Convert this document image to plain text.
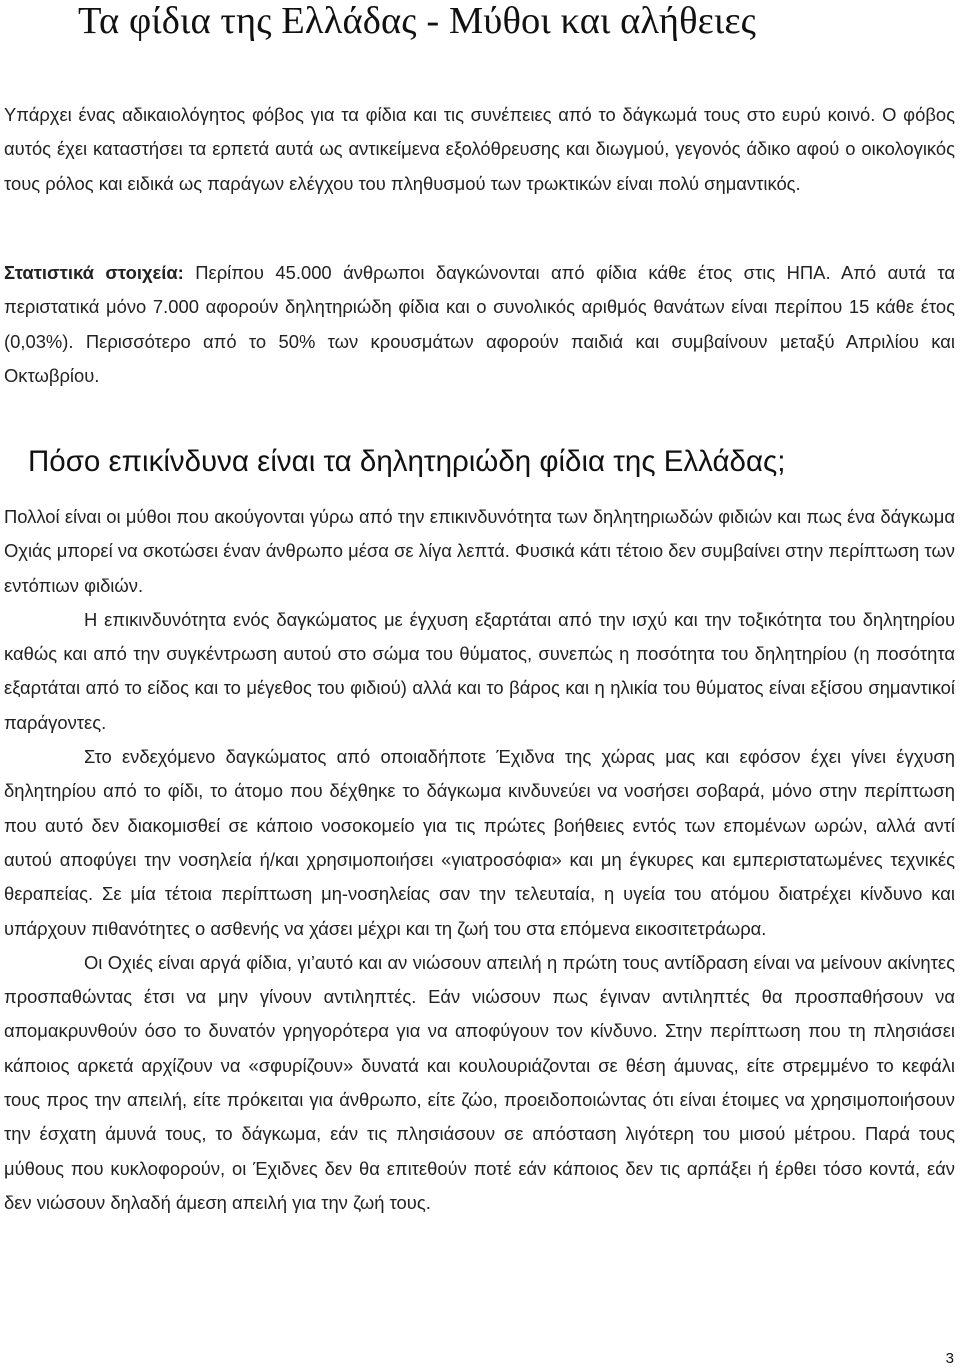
Τα φίδια της Ελλάδας - Μύθοι και αλήθειες

Υπάρχει ένας αδικαιολόγητος φόβος για τα φίδια και τις συνέπειες από το δάγκωμά τους στο ευρύ κοινό. Ο φόβος αυτός έχει καταστήσει τα ερπετά αυτά ως αντικείμενα εξολόθρευσης και διωγμού, γεγονός άδικο αφού ο οικολογικός τους ρόλος και ειδικά ως παράγων ελέγχου του πληθυσμού των τρωκτικών είναι πολύ σημαντικός.

Στατιστικά στοιχεία: Περίπου 45.000 άνθρωποι δαγκώνονται από φίδια κάθε έτος στις ΗΠΑ. Από αυτά τα περιστατικά μόνο 7.000 αφορούν δηλητηριώδη φίδια και ο συνολικός αριθμός θανάτων είναι περίπου 15 κάθε έτος (0,03%). Περισσότερο από το 50% των κρουσμάτων αφορούν παιδιά και συμβαίνουν μεταξύ Απριλίου και Οκτωβρίου.

Πόσο επικίνδυνα είναι τα δηλητηριώδη φίδια της Ελλάδας;

Πολλοί είναι οι μύθοι που ακούγονται γύρω από την επικινδυνότητα των δηλητηριωδών φιδιών και πως ένα δάγκωμα Οχιάς μπορεί να σκοτώσει έναν άνθρωπο μέσα σε λίγα λεπτά. Φυσικά κάτι τέτοιο δεν συμβαίνει στην περίπτωση των εντόπιων φιδιών.

Η επικινδυνότητα ενός δαγκώματος με έγχυση εξαρτάται από την ισχύ και την τοξικότητα του δηλητηρίου καθώς και από την συγκέντρωση αυτού στο σώμα του θύματος, συνεπώς η ποσότητα του δηλητηρίου (η ποσότητα εξαρτάται από το είδος και το μέγεθος του φιδιού) αλλά και το βάρος και η ηλικία του θύματος είναι εξίσου σημαντικοί παράγοντες.

Στο ενδεχόμενο δαγκώματος από οποιαδήποτε Έχιδνα της χώρας μας και εφόσον έχει γίνει έγχυση δηλητηρίου από το φίδι, το άτομο που δέχθηκε το δάγκωμα κινδυνεύει να νοσήσει σοβαρά, μόνο στην περίπτωση που αυτό δεν διακομισθεί σε κάποιο νοσοκομείο για τις πρώτες βοήθειες εντός των επομένων ωρών, αλλά αντί αυτού αποφύγει την νοσηλεία ή/και χρησιμοποιήσει «γιατροσόφια» και μη έγκυρες και εμπεριστατωμένες τεχνικές θεραπείας. Σε μία τέτοια περίπτωση μη-νοσηλείας σαν την τελευταία, η υγεία του ατόμου διατρέχει κίνδυνο και υπάρχουν πιθανότητες ο ασθενής να χάσει μέχρι και τη ζωή του στα επόμενα εικοσιτετράωρα.

Οι Οχιές είναι αργά φίδια, γι’αυτό και αν νιώσουν απειλή η πρώτη τους αντίδραση είναι να μείνουν ακίνητες προσπαθώντας έτσι να μην γίνουν αντιληπτές. Εάν νιώσουν πως έγιναν αντιληπτές θα προσπαθήσουν να απομακρυνθούν όσο το δυνατόν γρηγορότερα για να αποφύγουν τον κίνδυνο. Στην περίπτωση που τη πλησιάσει κάποιος αρκετά αρχίζουν να «σφυρίζουν» δυνατά και κουλουριάζονται σε θέση άμυνας, είτε στρεμμένο το κεφάλι τους προς την απειλή, είτε πρόκειται για άνθρωπο, είτε ζώο, προειδοποιώντας ότι είναι έτοιμες να χρησιμοποιήσουν την έσχατη άμυνά τους, το δάγκωμα, εάν τις πλησιάσουν σε απόσταση λιγότερη του μισού μέτρου. Παρά τους μύθους που κυκλοφορούν, οι Έχιδνες δεν θα επιτεθούν ποτέ εάν κάποιος δεν τις αρπάξει ή έρθει τόσο κοντά, εάν δεν νιώσουν δηλαδή άμεση απειλή για την ζωή τους.

3
